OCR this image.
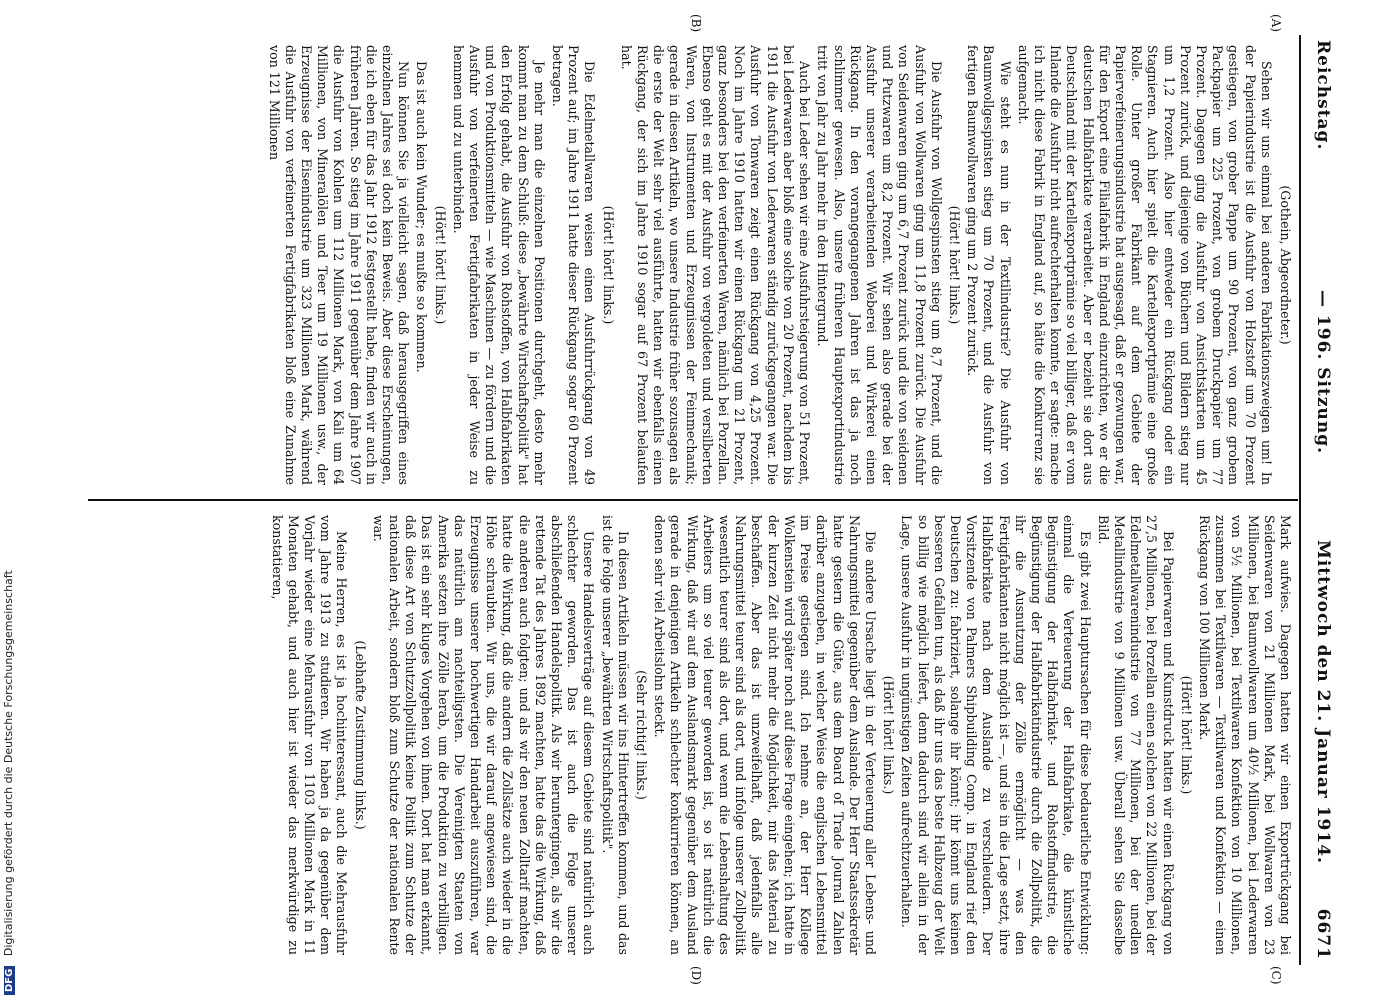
DFG Digitalisierung gefördert durch die Deutsche Forschungsgemeinschaft
Reichstag.
— 196. Sitzung.
Mittwoch den 21. Januar 1914.
6671
(A)
(B)
(C)
(D)

(Gothein, Abgeordneter.)

Sehen wir uns einmal bei anderen Fabrikationszweigen um! In der Papierindustrie ist die Ausfuhr von Holzstoff um 70 Prozent gestiegen, von grober Pappe um 90 Prozent, von ganz grobem Packpapier um 225 Prozent, von grobem Druckpapier um 77 Prozent. Dagegen ging die Ausfuhr von Ansichtskarten um 45 Prozent zurück, und diejenige von Büchern und Bildern stieg nur um 1,2 Prozent. Also hier entweder ein Rückgang oder ein Stagnieren. Auch hier spielt die Kartellexportprämie eine große Rolle. Unter großer Fabrikant auf dem Gebiete der Papierverfeinerungsindustrie hat ausgesagt, daß er gezwungen war, für den Export eine Filialfabrik in England einzurichten, wo er die deutschen Halbfabrikate verarbeitet. Aber er bezieht sie dort aus Deutschland mit der Kartellexportprämie so viel billiger, daß er vom Inlande die Ausfuhr nicht aufrechterhalten konnte, er sagte: mache ich nicht diese Fabrik in England auf, so hätte die Konkurrenz sie aufgemacht.

Wie steht es nun in der Textilindustrie? Die Ausfuhr von Baumwollgespinsten stieg um 70 Prozent, und die Ausfuhr von fertigen Baumwollwaren ging um 2 Prozent zurück.

(Hört! hört! links.)

Die Ausfuhr von Wollgespinsten stieg um 8,7 Prozent, und die Ausfuhr von Wollwaren ging um 11,8 Prozent zurück. Die Ausfuhr von Seidenwaren ging um 6,7 Prozent zurück und die von seidenen und Putzwaren um 8,2 Prozent. Wir sehen also gerade bei der Ausfuhr unserer verarbeitenden Weberei und Wirkerei einen Rückgang. In den vorangegangenen Jahren ist das ja noch schlimmer gewesen. Also, unsere früheren Hauptexportindustrie tritt von Jahr zu Jahr mehr in den Hintergrund.

Auch bei Leder sehen wir eine Ausfuhrsteigerung von 51 Prozent, bei Lederwaren aber bloß eine solche von 20 Prozent, nachdem bis 1911 die Ausfuhr von Lederwaren ständig zurückgegangen war. Die Ausfuhr von Tonwaren zeigt einen Rückgang von 4,25 Prozent. Noch im Jahre 1910 hatten wir einen Rückgang um 21 Prozent, ganz besonders bei den verfeinerten Waren, nämlich bei Porzellan. Ebenso geht es mit der Ausfuhr von vergoldeten und versilberten Waren, von Instrumenten und Erzeugnissen der Feinmechanik; gerade in diesen Artikeln, wo unsere Industrie früher sozusagen als die erste der Welt sehr viel ausführte, hatten wir ebenfalls einen Rückgang, der sich im Jahre 1910 sogar auf 67 Prozent belaufen hat.

(Hört! hört! links.)

Die Edelmetallwaren weisen einen Ausfuhrrückgang von 49 Prozent auf; im Jahre 1911 hatte dieser Rückgang sogar 60 Prozent betragen.

Je mehr man die einzelnen Positionen durchgeht, desto mehr kommt man zu dem Schluß: diese „bewährte Wirtschaftspolitik" hat den Erfolg gehabt, die Ausfuhr von Rohstoffen, von Halbfabrikaten und von Produktionsmitteln — wie Maschinen — zu fördern und die Ausfuhr von verfeinerten Fertigfabrikaten in jeder Weise zu hemmen und zu unterbinden.

(Hört! hört! links.)

Das ist auch kein Wunder; es mußte so kommen.

Nun können Sie ja vielleicht sagen, daß herausgegriffen eines einzelnen Jahres sei doch kein Beweis. Aber diese Erscheinungen, die ich eben für das Jahr 1912 festgestellt habe, finden wir auch in früheren Jahren. So stieg im Jahre 1911 gegenüber dem Jahre 1907 die Ausfuhr von Kohlen um 112 Millionen Mark, von Kali um 64 Millionen, von Mineralölen und Teer um 19 Millionen usw., der Erzeugnisse der Eisenindustrie um 323 Millionen Mark, während die Ausfuhr von verfeinerten Fertigfabrikaten bloß eine Zunahme von 121 Millionen

Mark aufwies. Dagegen hatten wir einen Exportrückgang bei Seidenwaren von 21 Millionen Mark, bei Wollwaren von 23 Millionen, bei Baumwollwaren um 40½ Millionen, bei Lederwaren von 5½ Millionen, bei Textilwaren Konfektion von 10 Millionen, zusammen bei Textilwaren — Textilwaren und Konfektion — einen Rückgang von 100 Millionen Mark.

(Hört! hört! links.)

Bei Papierwaren und Kunstdruck hatten wir einen Rückgang von 27,5 Millionen, bei Porzellan einen solchen von 22 Millionen, bei der Edelmetallwarenindustrie von 77 Millionen, bei der unedlen Metallindustrie von 9 Millionen usw. Überall sehen Sie dasselbe Bild.

Es gibt zwei Hauptursachen für diese bedauerliche Entwicklung: einmal die Verteuerung der Halbfabrikate, die künstliche Begünstigung der Halbfabrikat- und Rohstoffindustrie, die Begünstigung der Halbfabrikatindustrie durch die Zollpolitik, die ihr die Ausnutzung der Zölle ermöglicht — was den Fertigfabrikanten nicht möglich ist —, und sie in die Lage setzt, ihre Halbfabrikate nach dem Auslande zu verschleudern. Der Vorsitzende von Palmers Shipbuilding Comp. in England rief den Deutschen zu: fabriziert, solange ihr könnt; ihr könnt uns keinen besseren Gefallen tun, als daß ihr uns das beste Halbzeug der Welt so billig wie möglich liefert, denn dadurch sind wir allein in der Lage, unsere Ausfuhr in ungünstigen Zeiten aufrechtzuerhalten.

(Hört! hört! links.)

Die andere Ursache liegt in der Verteuerung aller Lebens- und Nahrungsmittel gegenüber dem Auslande. Der Herr Staatssekretär hatte gestern die Güte, aus dem Board of Trade Journal Zahlen darüber anzugeben, in welcher Weise die englischen Lebensmittel im Preise gestiegen sind. Ich nehme an, der Herr Kollege Wolkenstein wird später noch auf diese Frage eingehen; ich hatte in der kurzen Zeit nicht mehr die Möglichkeit, mir das Material zu beschaffen. Aber das ist unzweifelhaft, daß jedenfalls alle Nahrungsmittel teurer sind als dort, und infolge unserer Zollpolitik wesentlich teurer sind als dort, und wenn die Lebenshaltung des Arbeiters um so viel teurer geworden ist, so ist natürlich die Wirkung, daß wir auf dem Auslandsmarkt gegenüber dem Ausland gerade in denjenigen Artikeln schlechter konkurrieren können, an denen sehr viel Arbeitslohn steckt.

(Sehr richtig! links.)

In diesen Artikeln müssen wir ins Hintertreffen kommen, und das ist die Folge unserer „bewährten Wirtschaftspolitik".

Unsere Handelsverträge auf diesem Gebiete sind natürlich auch schlechter geworden. Das ist auch die Folge unserer abschließenden Handelspolitik. Als wir heruntergingen, als wir die rettende Tat des Jahres 1892 machten, hatte das die Wirkung, daß die anderen auch folgten; und als wir den neuen Zolltarif machten, hatte die Wirkung, daß die andern die Zollsätze auch wieder in die Höhe schraubten. Wir uns, die wir darauf angewiesen sind, die Erzeugnisse unserer hochwertigen Handarbeit auszuführen, war das natürlich am nachteiligsten. Die Vereinigten Staaten von Amerika setzen ihre Zölle herab, um die Produktion zu verbilligen. Das ist ein sehr kluges Vorgehen von ihnen. Dort hat man erkannt, daß diese Art von Schutzzollpolitik keine Politik zum Schutze der nationalen Arbeit, sondern bloß zum Schutze der nationalen Rente war.

(Lebhafte Zustimmung links.)

Meine Herren, es ist ja hochinteressant, auch die Mehrausfuhr vom Jahre 1913 zu studieren. Wir haben ja da gegenüber dem Vorjahr wieder eine Mehrausfuhr von 1103 Millionen Mark in 11 Monaten gehabt, und auch hier ist wieder das merkwürdige zu konstatieren,
